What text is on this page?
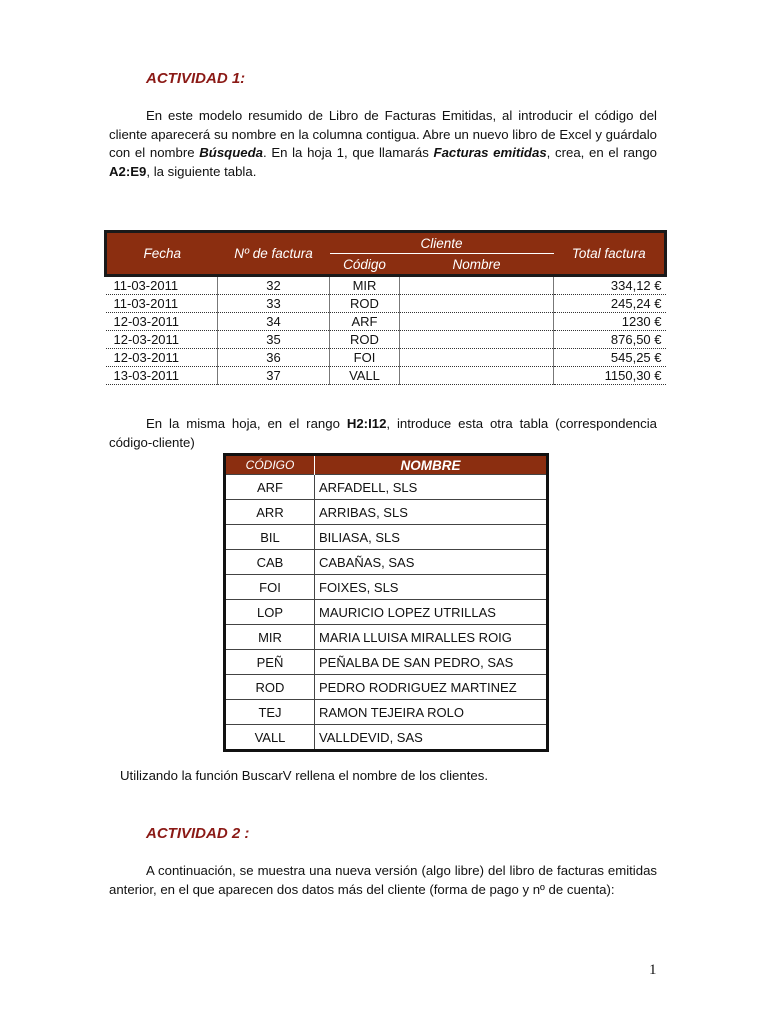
ACTIVIDAD 1:
En este modelo resumido de Libro de Facturas Emitidas, al introducir el código del cliente aparecerá su nombre en la columna contigua. Abre un nuevo libro de Excel y guárdalo con el nombre Búsqueda. En la hoja 1, que llamarás Facturas emitidas, crea, en el rango A2:E9, la siguiente tabla.
Fecha	Nº de factura	Cliente		Total factura
		Código	Nombre	
11-03-2011	32	MIR		334,12 €
11-03-2011	33	ROD		245,24 €
12-03-2011	34	ARF		1230 €
12-03-2011	35	ROD		876,50 €
12-03-2011	36	FOI		545,25 €
13-03-2011	37	VALL		1150,30 €
En la misma hoja, en el rango H2:I12, introduce esta otra tabla (correspondencia código-cliente)
CÓDIGO	NOMBRE
ARF	ARFADELL, SLS
ARR	ARRIBAS, SLS
BIL	BILIASA, SLS
CAB	CABAÑAS, SAS
FOI	FOIXES, SLS
LOP	MAURICIO LOPEZ UTRILLAS
MIR	MARIA LLUISA MIRALLES ROIG
PEÑ	PEÑALBA DE SAN PEDRO, SAS
ROD	PEDRO RODRIGUEZ MARTINEZ
TEJ	RAMON TEJEIRA ROLO
VALL	VALLDEVID, SAS
Utilizando la función BuscarV rellena el nombre de los clientes.
ACTIVIDAD 2 :
A continuación, se muestra una nueva versión (algo libre) del libro de facturas emitidas anterior, en el que aparecen dos datos más del cliente (forma de pago y nº de cuenta):
1
